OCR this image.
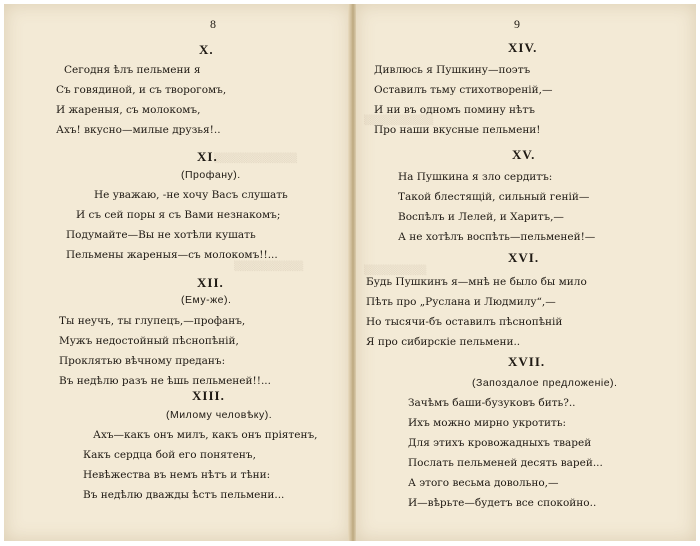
▒▒▒▒▒▒▒▒▒▒▒▒
▒▒▒▒▒▒▒▒▒▒
8
X.
Сегодня ѣлъ пельмени я
Съ говядиной, и съ творогомъ,
И жареныя, съ молокомъ,
Ахъ! вкусно—милые друзья!..
XI.
(Профану).
Не уважаю, -не хочу Васъ слушать
И съ сей поры я съ Вами незнакомъ;
Подумайте—Вы не хотѣли кушать
Пельмены жареныя—съ молокомъ!!...
XII.
(Ему-же).
Ты неучъ, ты глупецъ,—профанъ,
Мужъ недостойный пѣснопѣній,
Проклятью вѣчному преданъ:
Въ недѣлю разъ не ѣшь пельменей!!...
XIII.
(Милому человѣку).
Ахъ—какъ онъ милъ, какъ онъ пріятенъ,
Какъ сердца бой его понятенъ,
Невѣжества въ немъ нѣтъ и тѣни:
Въ недѣлю дважды ѣстъ пельмени...
▒▒▒▒▒▒▒▒▒▒
▒▒▒▒▒▒▒▒▒
9
XIV.
Дивлюсь я Пушкину—поэтъ
Оставилъ тьму стихотвореній,—
И ни въ одномъ помину нѣтъ
Про наши вкусные пельмени!
XV.
На Пушкина я зло сердитъ:
Такой блестящій, сильный геній—
Воспѣлъ и Лелей, и Харитъ,—
А не хотѣлъ воспѣть—пельменей!—
XVI.
Будь Пушкинъ я—мнѣ не было бы мило
Пѣть про „Руслана и Людмилу“,—
Но тысячи-бъ оставилъ пѣснопѣній
Я про сибирскіе пельмени..
XVII.
(Запоздалое предложеніе).
Зачѣмъ баши-бузуковъ бить?..
Ихъ можно мирно укротить:
Для этихъ кровожадныхъ тварей
Послать пельменей десять варей...
А этого весьма довольно,—
И—вѣрьте—будетъ все спокойно..
